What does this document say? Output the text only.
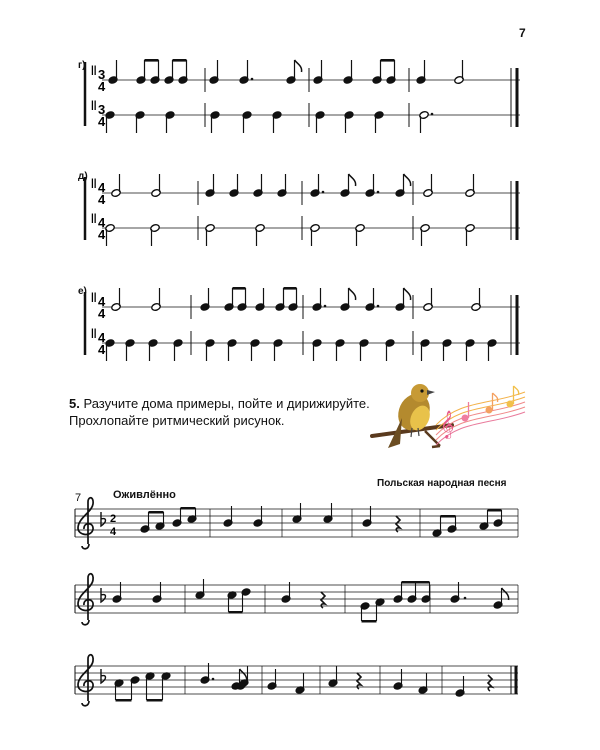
7
г)
д)
е)
||
||
3
4
3
4
||
||
4
4
4
4
||
||
4
4
4
4
2
4
𝄞
5. Разучите дома примеры, пойте и дирижируйте.
Прохлопайте ритмический рисунок.
Польская народная песня
7	Оживлённо
